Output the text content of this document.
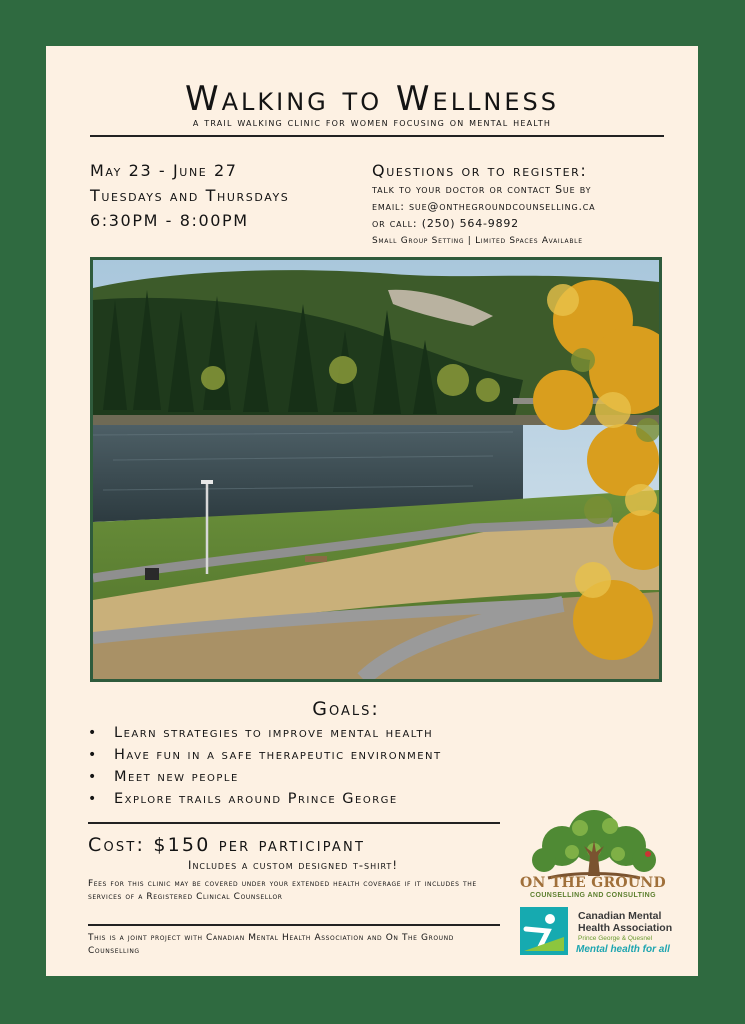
Walking to Wellness
a trail walking clinic for women focusing on mental health
May 23 - June 27
Tuesdays and Thursdays
6:30PM - 8:00PM
Questions or to register:
talk to your doctor or contact Sue by
email: sue@onthegroundcounselling.ca
or call: (250) 564-9892
Small Group Setting | Limited Spaces Available
Goals:
• Learn strategies to improve mental health
• Have fun in a safe therapeutic environment
• Meet new people
• Explore trails around Prince George
Cost: $150 per participant
Includes a custom designed t-shirt!
Fees for this clinic may be covered under your extended health coverage if it includes the services of a Registered Clinical Counsellor
This is a joint project with Canadian Mental Health Association and On The Ground Counselling
ON THE GROUND
COUNSELLING AND CONSULTING
Canadian Mental Health Association
Prince George & Quesnel
Mental health for all
